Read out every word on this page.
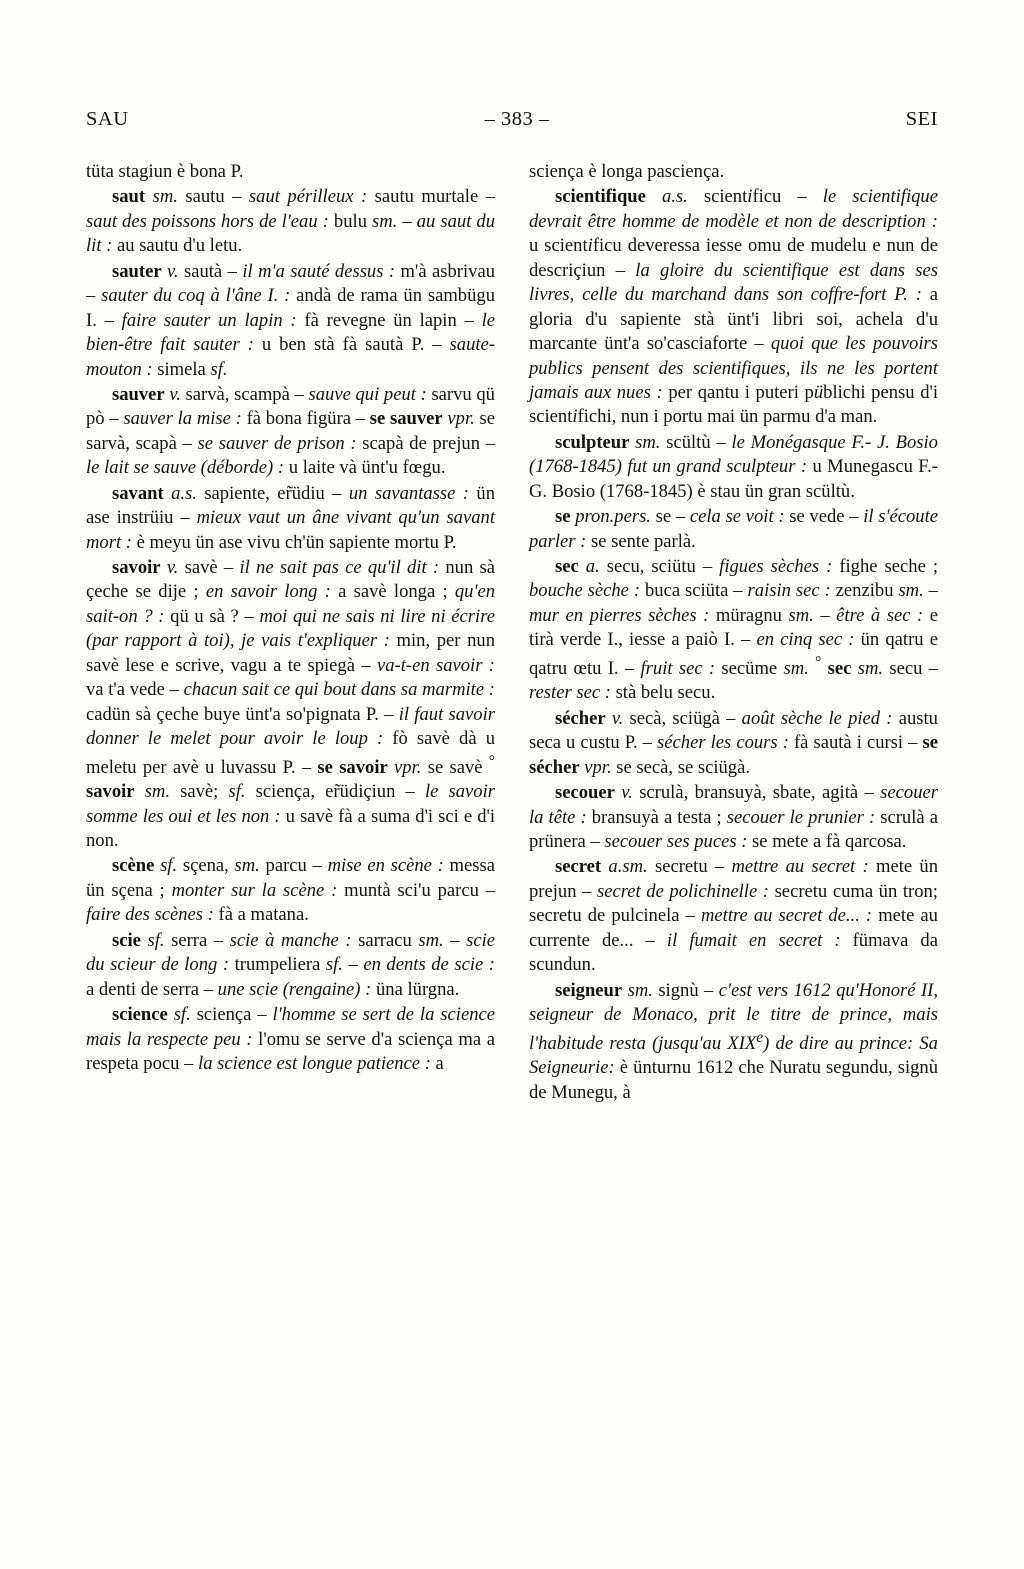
SAU	– 383 –	SEI

tüta stagiun è bona P.

saut sm. sautu – saut périlleux : sautu murtale – saut des poissons hors de l'eau : bulu sm. – au saut du lit : au sautu d'u letu.

sauter v. sautà – il m'a sauté dessus : m'à asbrivau – sauter du coq à l'âne I. : andà de rama ün sambügu I. – faire sauter un lapin : fà revegne ün lapin – le bien-être fait sauter : u ben stà fà sautà P. – saute-mouton : simela sf.

sauver v. sarvà, scampà – sauve qui peut : sarvu qü pò – sauver la mise : fà bona figüra – se sauver vpr. se sarvà, scapà – se sauver de prison : scapà de prejun – le lait se sauve (déborde) : u laite và ünt'u fœgu.

savant a.s. sapiente, er̃üdiu – un savantasse : ün ase instrüiu – mieux vaut un âne vivant qu'un savant mort : è meyu ün ase vivu ch'ün sapiente mortu P.

savoir v. savè – il ne sait pas ce qu'il dit : nun sà çeche se dije ; en savoir long : a savè longa ; qu'en sait-on ? : qü u sà ? – moi qui ne sais ni lire ni écrire (par rapport à toi), je vais t'expliquer : min, per nun savè lese e scrive, vagu a te spiegà – va-t-en savoir : va t'a vede – chacun sait ce qui bout dans sa marmite : cadün sà çeche buye ünt'a so'pignata P. – il faut savoir donner le melet pour avoir le loup : fò savè dà u meletu per avè u luvassu P. – se savoir vpr. se savè ° savoir sm. savè; sf. sciença, er̃üdiçiun – le savoir somme les oui et les non : u savè fà a suma d'i sci e d'i non.

scène sf. sçena, sm. parcu – mise en scène : messa ün sçena ; monter sur la scène : muntà sci'u parcu – faire des scènes : fà a matana.

scie sf. serra – scie à manche : sarracu sm. – scie du scieur de long : trumpeliera sf. – en dents de scie : a denti de serra – une scie (rengaine) : üna lürgna.

science sf. sciença – l'homme se sert de la science mais la respecte peu : l'omu se serve d'a sciença ma a respeta pocu – la science est longue patience : a

sciença è longa pasciença.

scientifique a.s. scientificu – le scientifique devrait être homme de modèle et non de description : u scientificu deveressa iesse omu de mudelu e nun de descriçiun – la gloire du scientifique est dans ses livres, celle du marchand dans son coffre-fort P. : a gloria d'u sapiente stà ünt'i libri soi, achela d'u marcante ünt'a so'casciaforte – quoi que les pouvoirs publics pensent des scientifiques, ils ne les portent jamais aux nues : per qantu i puteri püblichi pensu d'i scientifichi, nun i portu mai ün parmu d'a man.

sculpteur sm. scültù – le Monégasque F.- J. Bosio (1768-1845) fut un grand sculpteur : u Munegascu F.-G. Bosio (1768-1845) è stau ün gran scültù.

se pron.pers. se – cela se voit : se vede – il s'écoute parler : se sente parlà.

sec a. secu, sciütu – figues sèches : fighe seche ; bouche sèche : buca sciüta – raisin sec : zenzibu sm. – mur en pierres sèches : müragnu sm. – être à sec : e tirà verde I., iesse a paiò I. – en cinq sec : ün qatru e qatru œtu I. – fruit sec : secüme sm. ° sec sm. secu – rester sec : stà belu secu.

sécher v. secà, sciügà – août sèche le pied : austu seca u custu P. – sécher les cours : fà sautà i cursi – se sécher vpr. se secà, se sciügà.

secouer v. scrulà, bransuyà, sbate, agità – secouer la tête : bransuyà a testa ; secouer le prunier : scrulà a prünera – secouer ses puces : se mete a fà qarcosa.

secret a.sm. secretu – mettre au secret : mete ün prejun – secret de polichinelle : secretu cuma ün tron; secretu de pulcinela – mettre au secret de... : mete au currente de... – il fumait en secret : fümava da scundun.

seigneur sm. signù – c'est vers 1612 qu'Honoré II, seigneur de Monaco, prit le titre de prince, mais l'habitude resta (jusqu'au XIXe) de dire au prince: Sa Seigneurie: è ünturnu 1612 che Nuratu segundu, signù de Munegu, à
